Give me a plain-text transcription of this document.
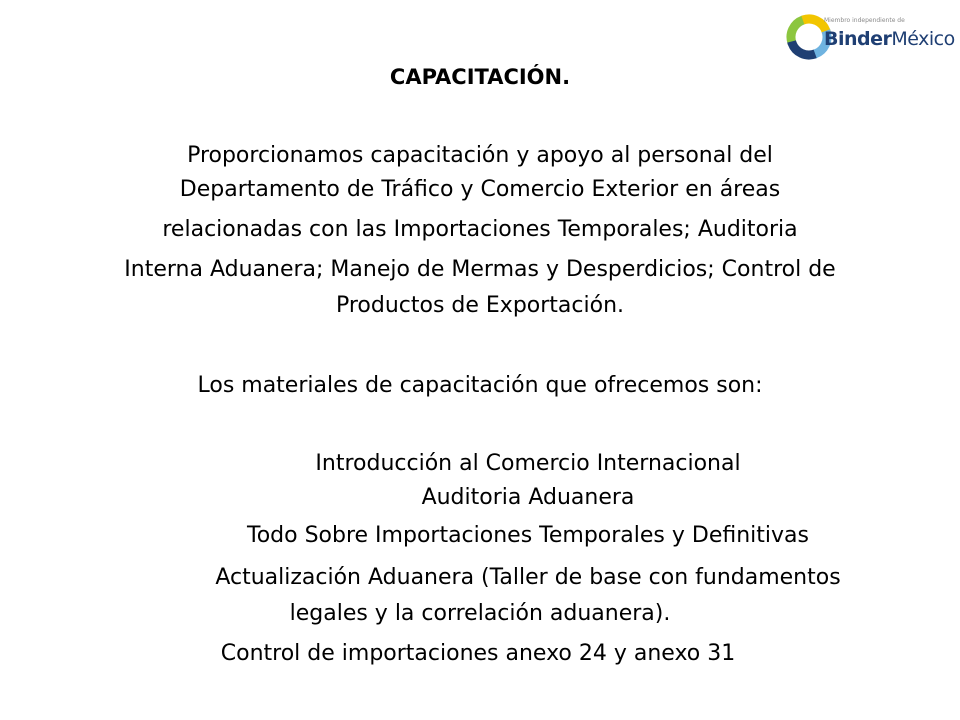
Miembro independiente de
BinderMéxico
CAPACITACIÓN.
Proporcionamos capacitación y apoyo al personal del
Departamento de Tráfico y Comercio Exterior en áreas
relacionadas con las Importaciones Temporales; Auditoria
Interna Aduanera; Manejo de Mermas y Desperdicios; Control de
Productos de Exportación.
Los materiales de capacitación que ofrecemos son:
Introducción al Comercio Internacional
Auditoria Aduanera
Todo Sobre Importaciones Temporales y Definitivas
Actualización Aduanera (Taller de base con fundamentos
legales y la correlación aduanera).
Control de importaciones anexo 24 y anexo 31
